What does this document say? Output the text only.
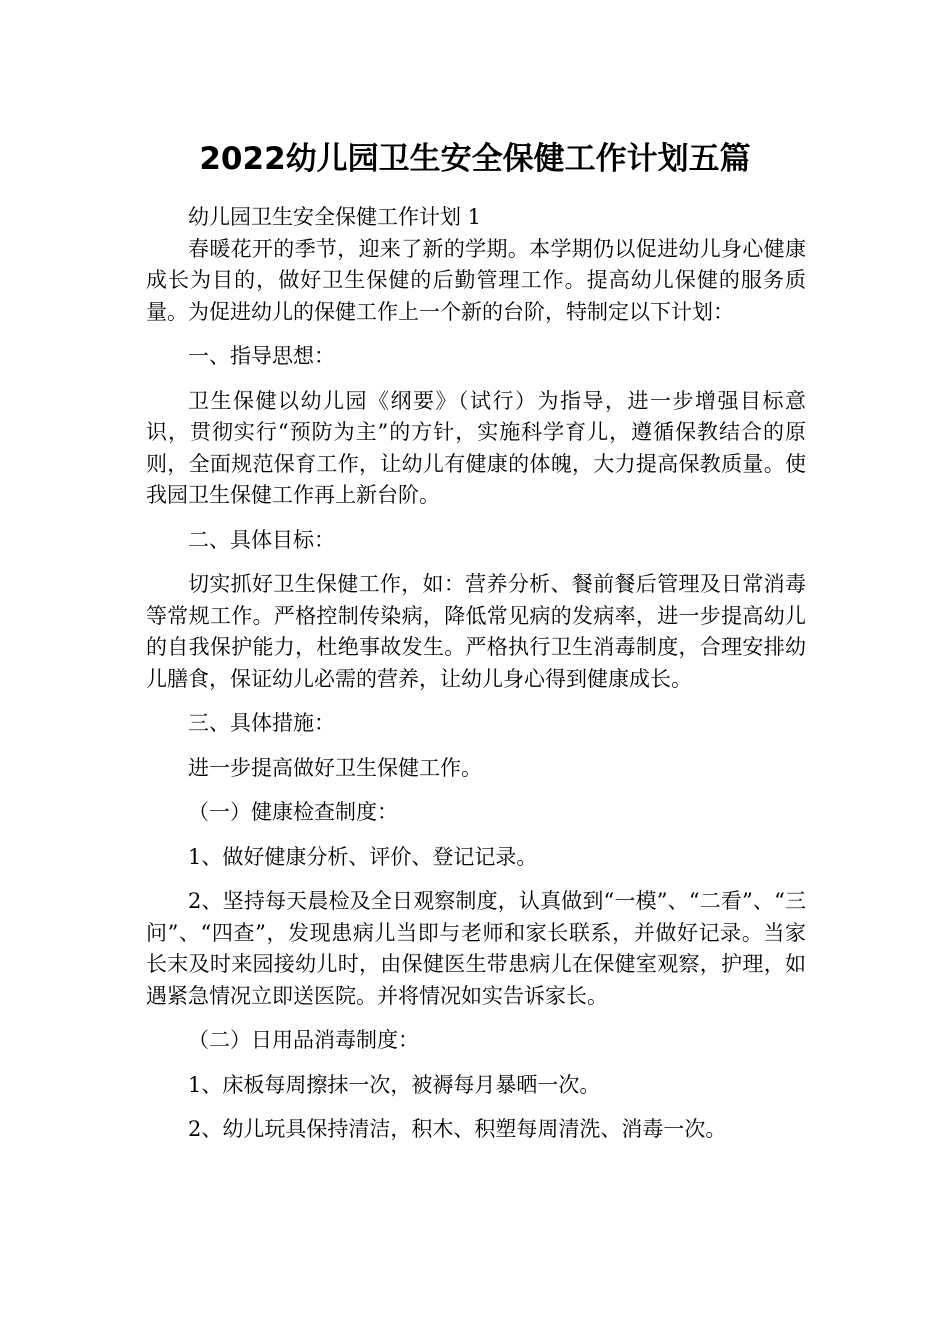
2022幼儿园卫生安全保健工作计划五篇

幼儿园卫生安全保健工作计划 1

春暖花开的季节，迎来了新的学期。本学期仍以促进幼儿身心健康成长为目的，做好卫生保健的后勤管理工作。提高幼儿保健的服务质量。为促进幼儿的保健工作上一个新的台阶，特制定以下计划：

一、指导思想：

卫生保健以幼儿园《纲要》（试行）为指导，进一步增强目标意识，贯彻实行“预防为主”的方针，实施科学育儿，遵循保教结合的原则，全面规范保育工作，让幼儿有健康的体魄，大力提高保教质量。使我园卫生保健工作再上新台阶。

二、具体目标：

切实抓好卫生保健工作，如：营养分析、餐前餐后管理及日常消毒等常规工作。严格控制传染病，降低常见病的发病率，进一步提高幼儿的自我保护能力，杜绝事故发生。严格执行卫生消毒制度，合理安排幼儿膳食，保证幼儿必需的营养，让幼儿身心得到健康成长。

三、具体措施：

进一步提高做好卫生保健工作。

（一）健康检查制度：

1、做好健康分析、评价、登记记录。

2、坚持每天晨检及全日观察制度，认真做到“一模”、“二看”、“三问”、“四查”，发现患病儿当即与老师和家长联系，并做好记录。当家长末及时来园接幼儿时，由保健医生带患病儿在保健室观察，护理，如遇紧急情况立即送医院。并将情况如实告诉家长。

（二）日用品消毒制度：

1、床板每周擦抹一次，被褥每月暴晒一次。

2、幼儿玩具保持清洁，积木、积塑每周清洗、消毒一次。
